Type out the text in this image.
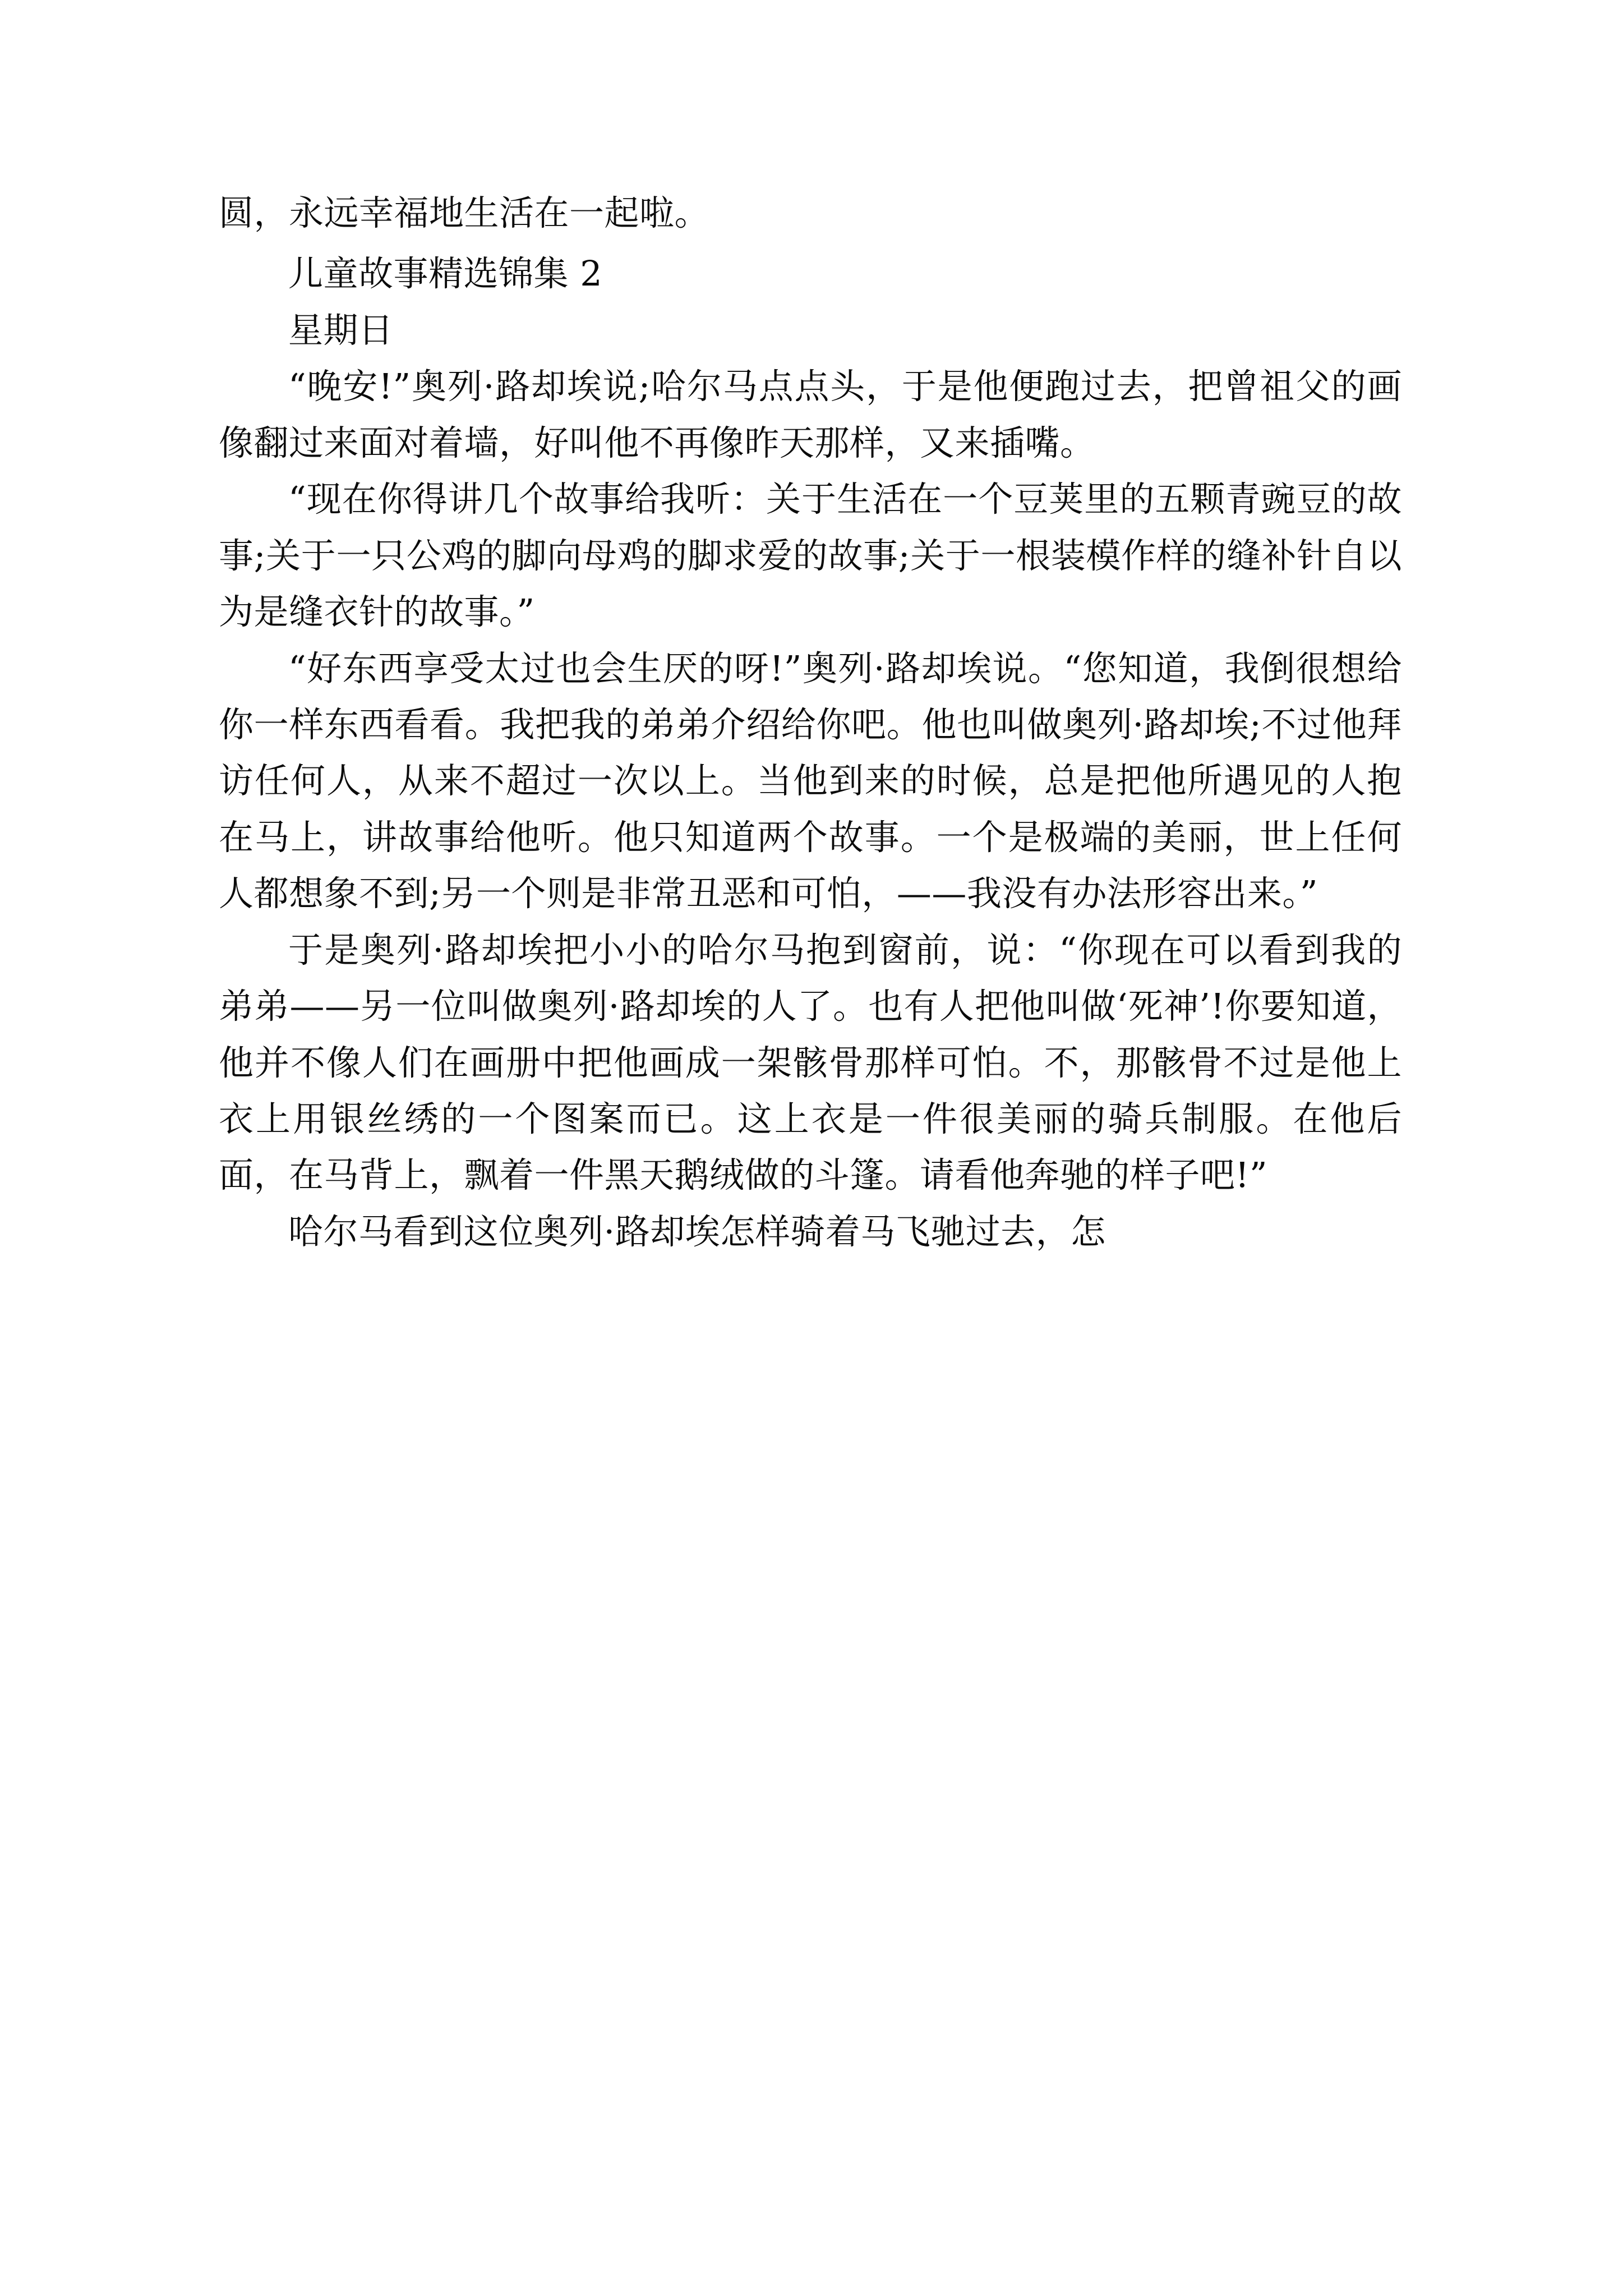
圆，永远幸福地生活在一起啦。

儿童故事精选锦集 2

星期日

“晚安!”奥列·路却埃说;哈尔马点点头，于是他便跑过去，把曾祖父的画像翻过来面对着墙，好叫他不再像昨天那样，又来插嘴。

“现在你得讲几个故事给我听：关于生活在一个豆荚里的五颗青豌豆的故事;关于一只公鸡的脚向母鸡的脚求爱的故事;关于一根装模作样的缝补针自以为是缝衣针的故事。”

“好东西享受太过也会生厌的呀!”奥列·路却埃说。“您知道，我倒很想给你一样东西看看。我把我的弟弟介绍给你吧。他也叫做奥列·路却埃;不过他拜访任何人，从来不超过一次以上。当他到来的时候，总是把他所遇见的人抱在马上，讲故事给他听。他只知道两个故事。一个是极端的美丽，世上任何人都想象不到;另一个则是非常丑恶和可怕，——我没有办法形容出来。”

于是奥列·路却埃把小小的哈尔马抱到窗前，说：“你现在可以看到我的弟弟——另一位叫做奥列·路却埃的人了。也有人把他叫做‘死神’!你要知道，他并不像人们在画册中把他画成一架骸骨那样可怕。不，那骸骨不过是他上衣上用银丝绣的一个图案而已。这上衣是一件很美丽的骑兵制服。在他后面，在马背上，飘着一件黑天鹅绒做的斗篷。请看他奔驰的样子吧!”

哈尔马看到这位奥列·路却埃怎样骑着马飞驰过去，怎
